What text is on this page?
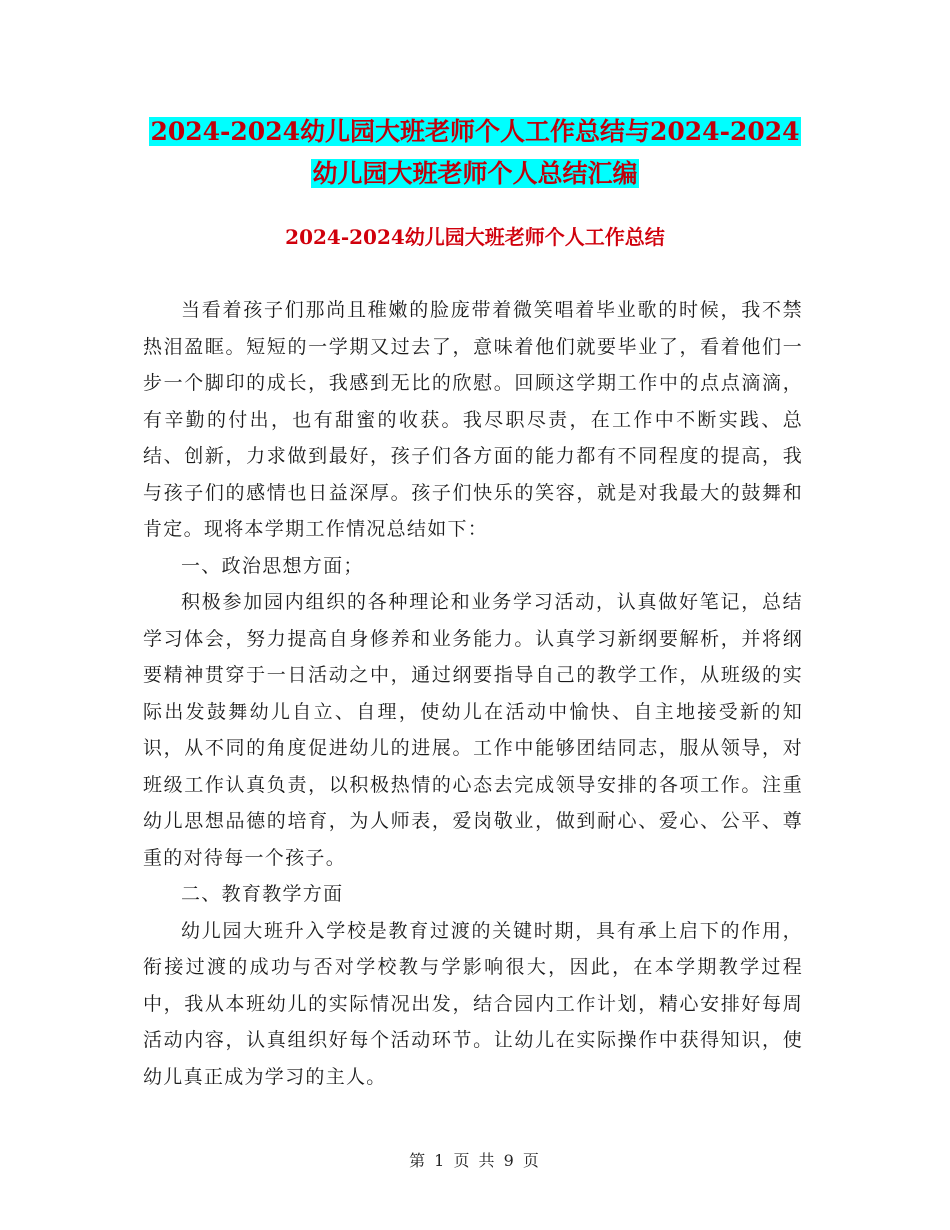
2024-2024幼儿园大班老师个人工作总结与2024-2024
幼儿园大班老师个人总结汇编
2024-2024幼儿园大班老师个人工作总结

当看着孩子们那尚且稚嫩的脸庞带着微笑唱着毕业歌的时候，我不禁热泪盈眶。短短的一学期又过去了，意味着他们就要毕业了，看着他们一步一个脚印的成长，我感到无比的欣慰。回顾这学期工作中的点点滴滴，有辛勤的付出，也有甜蜜的收获。我尽职尽责，在工作中不断实践、总结、创新，力求做到最好，孩子们各方面的能力都有不同程度的提高，我与孩子们的感情也日益深厚。孩子们快乐的笑容，就是对我最大的鼓舞和肯定。现将本学期工作情况总结如下：

一、政治思想方面；

积极参加园内组织的各种理论和业务学习活动，认真做好笔记，总结学习体会，努力提高自身修养和业务能力。认真学习新纲要解析，并将纲要精神贯穿于一日活动之中，通过纲要指导自己的教学工作，从班级的实际出发鼓舞幼儿自立、自理，使幼儿在活动中愉快、自主地接受新的知识，从不同的角度促进幼儿的进展。工作中能够团结同志，服从领导，对班级工作认真负责，以积极热情的心态去完成领导安排的各项工作。注重幼儿思想品德的培育，为人师表，爱岗敬业，做到耐心、爱心、公平、尊重的对待每一个孩子。

二、教育教学方面

幼儿园大班升入学校是教育过渡的关键时期，具有承上启下的作用，衔接过渡的成功与否对学校教与学影响很大，因此，在本学期教学过程中，我从本班幼儿的实际情况出发，结合园内工作计划，精心安排好每周活动内容，认真组织好每个活动环节。让幼儿在实际操作中获得知识，使幼儿真正成为学习的主人。

第 1 页 共 9 页
